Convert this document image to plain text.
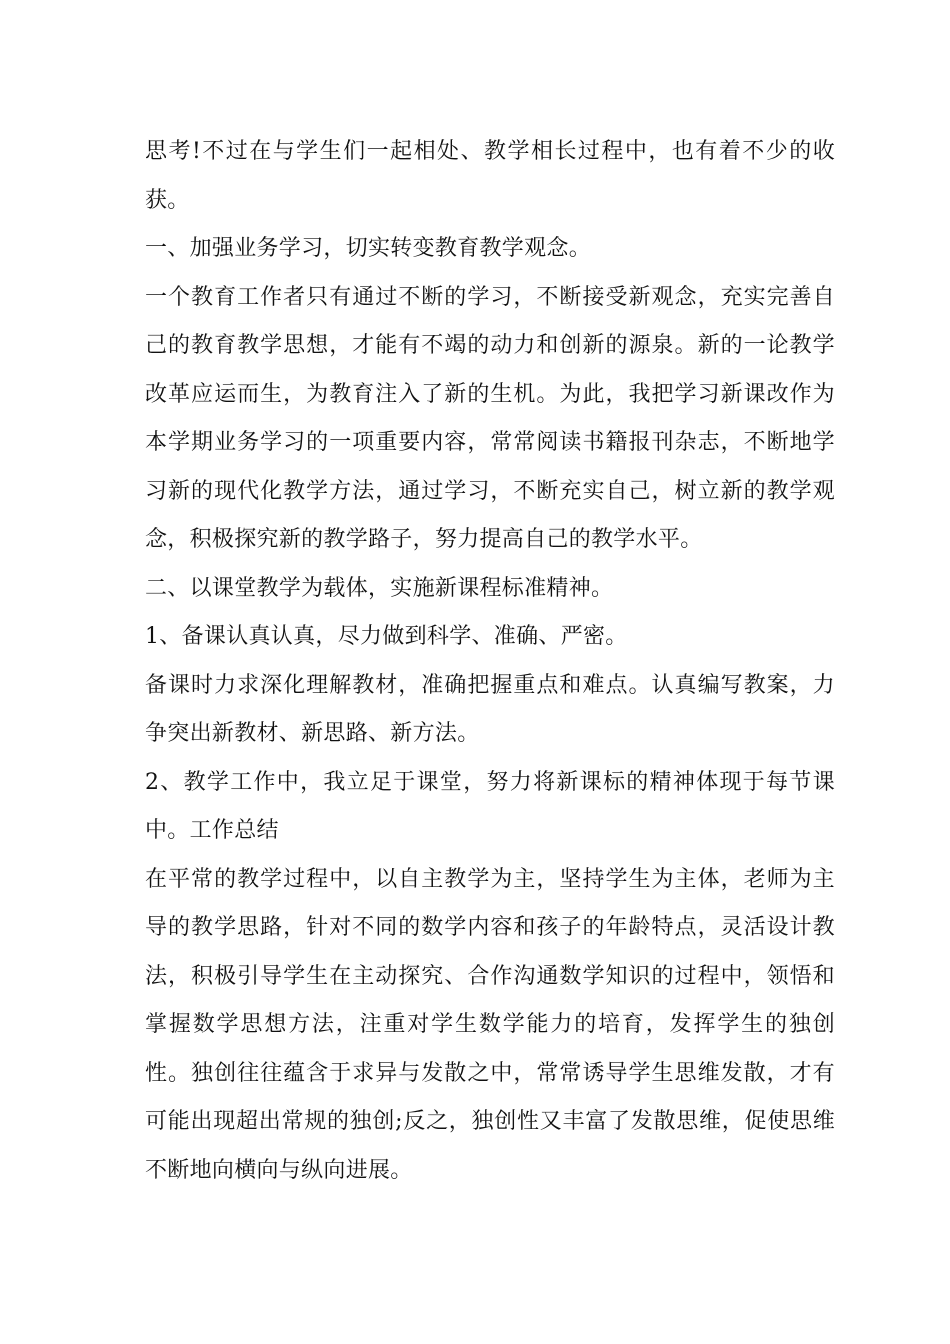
思考!不过在与学生们一起相处、教学相长过程中，也有着不少的收获。

一、加强业务学习，切实转变教育教学观念。

一个教育工作者只有通过不断的学习，不断接受新观念，充实完善自己的教育教学思想，才能有不竭的动力和创新的源泉。新的一论教学改革应运而生，为教育注入了新的生机。为此，我把学习新课改作为本学期业务学习的一项重要内容，常常阅读书籍报刊杂志，不断地学习新的现代化教学方法，通过学习，不断充实自己，树立新的教学观念，积极探究新的教学路子，努力提高自己的教学水平。

二、以课堂教学为载体，实施新课程标准精神。

1、备课认真认真，尽力做到科学、准确、严密。

备课时力求深化理解教材，准确把握重点和难点。认真编写教案，力争突出新教材、新思路、新方法。

2、教学工作中，我立足于课堂，努力将新课标的精神体现于每节课中。工作总结

在平常的教学过程中，以自主教学为主，坚持学生为主体，老师为主导的教学思路，针对不同的数学内容和孩子的年龄特点，灵活设计教法，积极引导学生在主动探究、合作沟通数学知识的过程中，领悟和掌握数学思想方法，注重对学生数学能力的培育，发挥学生的独创性。独创往往蕴含于求异与发散之中，常常诱导学生思维发散，才有可能出现超出常规的独创;反之，独创性又丰富了发散思维，促使思维不断地向横向与纵向进展。
